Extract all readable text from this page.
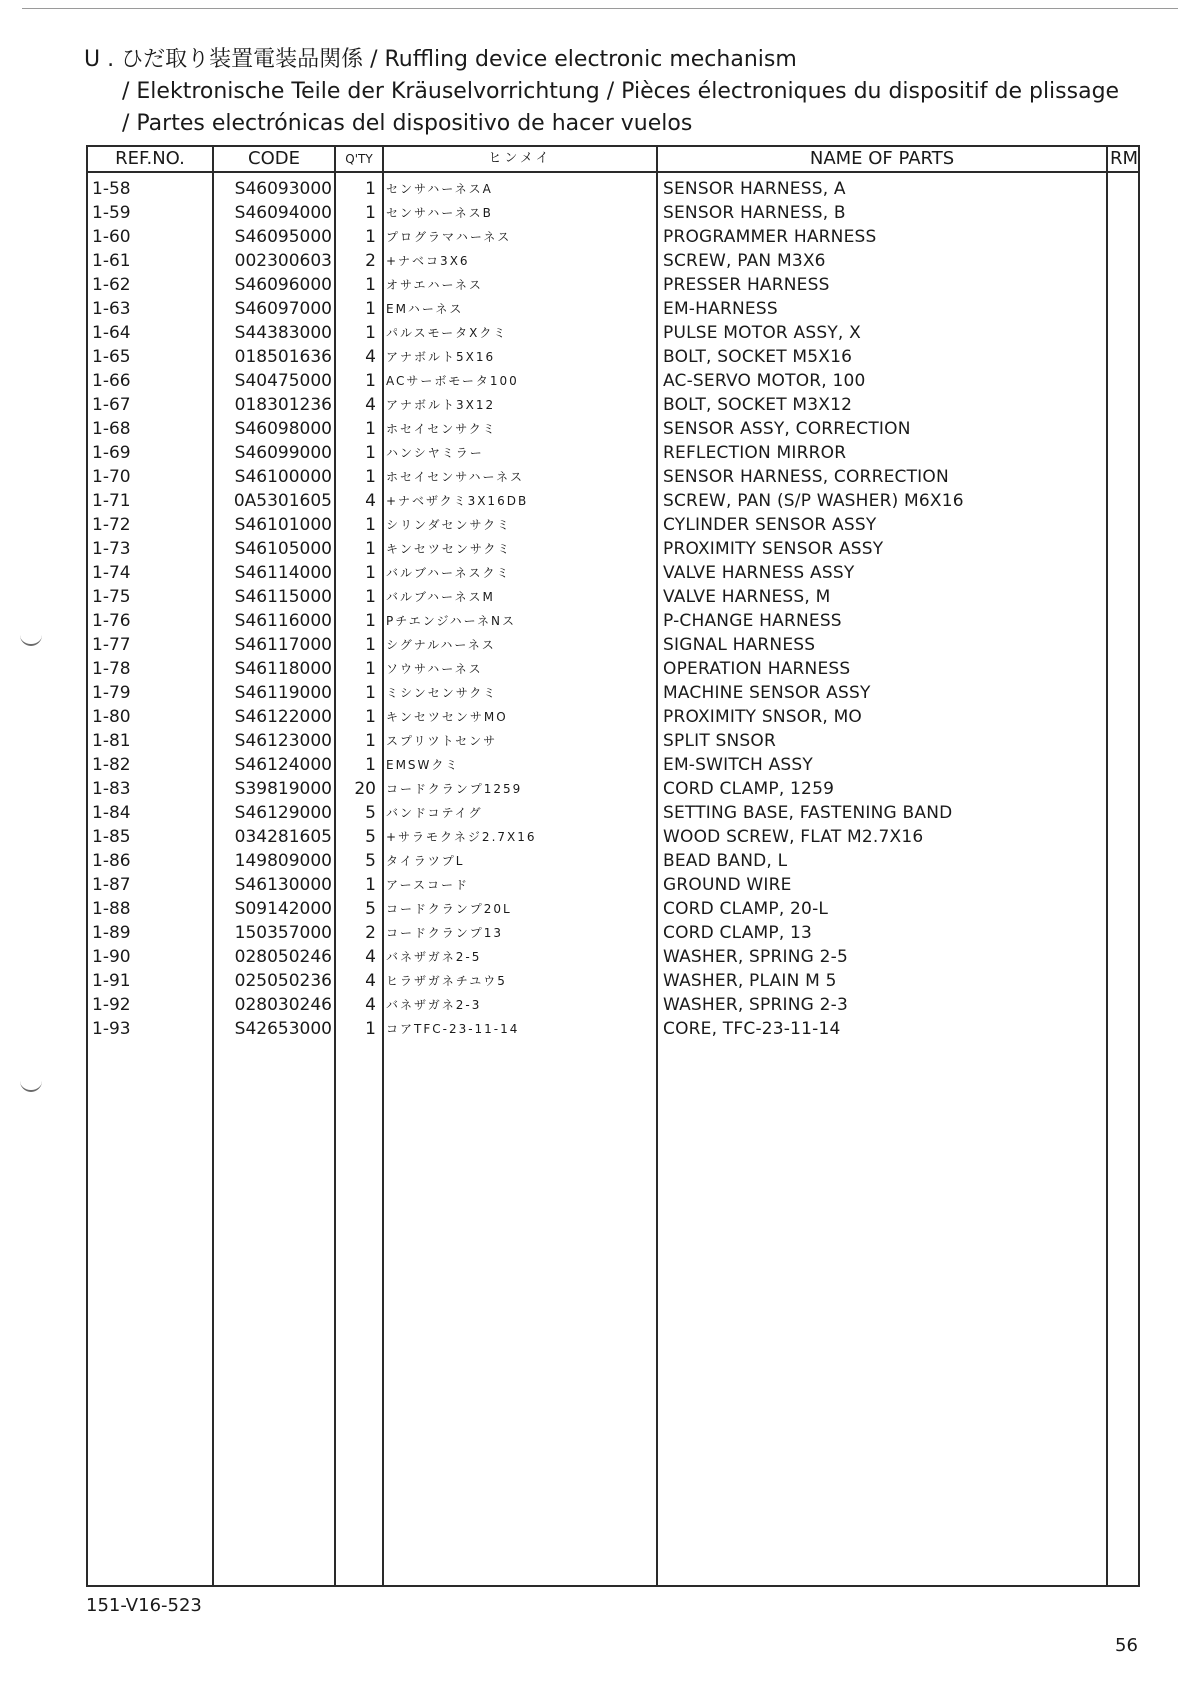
U . ひだ取り装置電装品関係 / Ruffling device electronic mechanism
/ Elektronische Teile der Kräuselvorrichtung / Pièces électroniques du dispositif de plissage
/ Partes electrónicas del dispositivo de hacer vuelos
REF.NO.	CODE	Q'TY	ヒンメイ	NAME OF PARTS	RM
1-58	S46093000	1 センサハーネスA	SENSOR HARNESS, A
1-59	S46094000	1 センサハーネスB	SENSOR HARNESS, B
1-60	S46095000	1 プログラマハーネス	PROGRAMMER HARNESS
1-61	002300603	2 +ナベコ3X6	SCREW, PAN M3X6
1-62	S46096000	1 オサエハーネス	PRESSER HARNESS
1-63	S46097000	1 EMハーネス	EM-HARNESS
1-64	S44383000	1 パルスモータXクミ	PULSE MOTOR ASSY, X
1-65	018501636	4 アナボルト5X16	BOLT, SOCKET M5X16
1-66	S40475000	1 ACサーボモータ100	AC-SERVO MOTOR, 100
1-67	018301236	4 アナボルト3X12	BOLT, SOCKET M3X12
1-68	S46098000	1 ホセイセンサクミ	SENSOR ASSY, CORRECTION
1-69	S46099000	1 ハンシヤミラー	REFLECTION MIRROR
1-70	S46100000	1 ホセイセンサハーネス	SENSOR HARNESS, CORRECTION
1-71	0A5301605	4 +ナベザクミ3X16DB	SCREW, PAN (S/P WASHER) M6X16
1-72	S46101000	1 シリンダセンサクミ	CYLINDER SENSOR ASSY
1-73	S46105000	1 キンセツセンサクミ	PROXIMITY SENSOR ASSY
1-74	S46114000	1 バルブハーネスクミ	VALVE HARNESS ASSY
1-75	S46115000	1 バルブハーネスM	VALVE HARNESS, M
1-76	S46116000	1 PチエンジハーネNス	P-CHANGE HARNESS
1-77	S46117000	1 シグナルハーネス	SIGNAL HARNESS
1-78	S46118000	1 ソウサハーネス	OPERATION HARNESS
1-79	S46119000	1 ミシンセンサクミ	MACHINE SENSOR ASSY
1-80	S46122000	1 キンセツセンサMO	PROXIMITY SNSOR, MO
1-81	S46123000	1 スプリツトセンサ	SPLIT SNSOR
1-82	S46124000	1 EMSWクミ	EM-SWITCH ASSY
1-83	S39819000	20 コードクランプ1259	CORD CLAMP, 1259
1-84	S46129000	5 バンドコテイグ	SETTING BASE, FASTENING BAND
1-85	034281605	5 +サラモクネジ2.7X16	WOOD SCREW, FLAT M2.7X16
1-86	149809000	5 タイラツプL	BEAD BAND, L
1-87	S46130000	1 アースコード	GROUND WIRE
1-88	S09142000	5 コードクランプ20L	CORD CLAMP, 20-L
1-89	150357000	2 コードクランプ13	CORD CLAMP, 13
1-90	028050246	4 バネザガネ2-5	WASHER, SPRING 2-5
1-91	025050236	4 ヒラザガネチユウ5	WASHER, PLAIN M 5
1-92	028030246	4 バネザガネ2-3	WASHER, SPRING 2-3
1-93	S42653000	1 コアTFC-23-11-14	CORE, TFC-23-11-14
151-V16-523
56
